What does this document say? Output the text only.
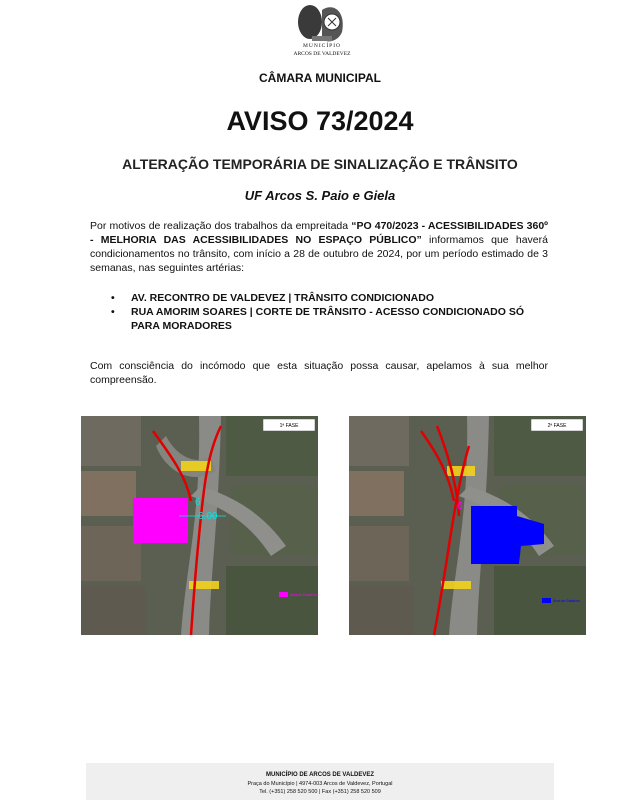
MUNICÍPIO
ARCOS DE VALDEVEZ
CÂMARA MUNICIPAL
AVISO 73/2024
ALTERAÇÃO TEMPORÁRIA DE SINALIZAÇÃO E TRÂNSITO
UF Arcos S. Paio e Giela
Por motivos de realização dos trabalhos da empreitada “PO 470/2023 - ACESSIBILIDADES 360º - MELHORIA DAS ACESSIBILIDADES NO ESPAÇO PÚBLICO” informamos que haverá condicionamentos no trânsito, com início a 28 de outubro de 2024, por um período estimado de 3 semanas, nas seguintes artérias:
• AV. RECONTRO DE VALDEVEZ | TRÂNSITO CONDICIONADO
• RUA AMORIM SOARES | CORTE DE TRÂNSITO - ACESSO CONDICIONADO SÓ PARA MORADORES
Com consciência do incómodo que esta situação possa causar, apelamos à sua melhor compreensão.
6
6.00
1ª FASE
Área de Estaleiro
6
2ª FASE
Área de Estaleiro
MUNICÍPIO DE ARCOS DE VALDEVEZ
Praça do Município | 4974-003 Arcos de Valdevez, Portugal
Tel. (+351) 258 520 500 | Fax (+351) 258 520 509
